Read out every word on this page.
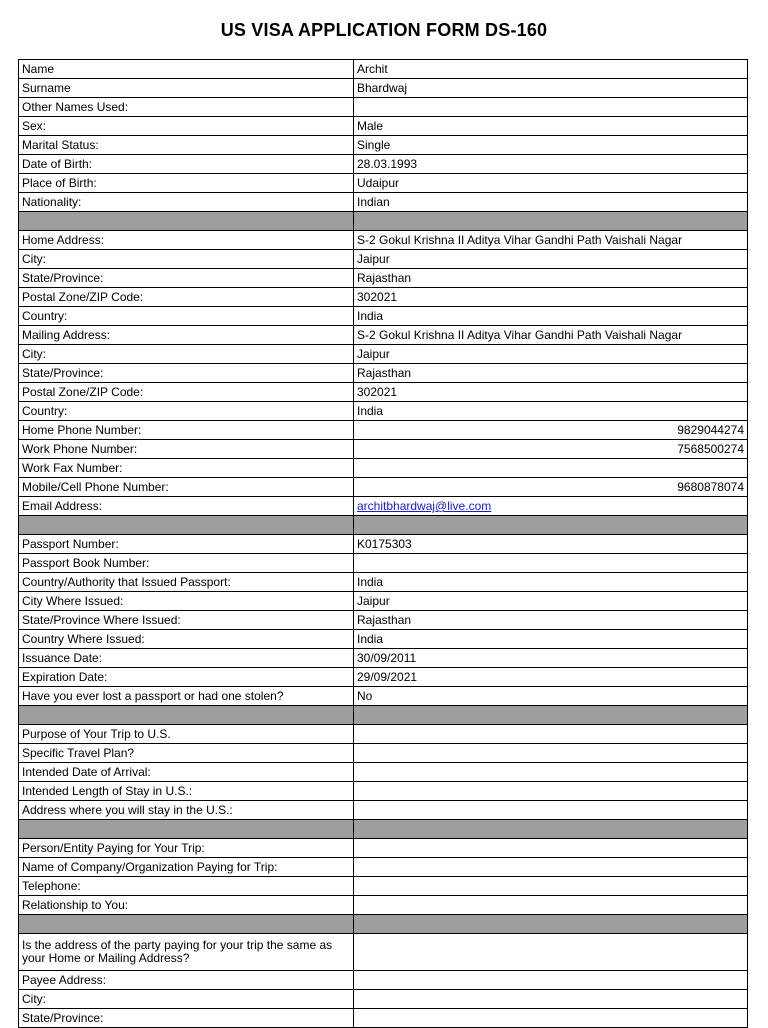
US VISA APPLICATION FORM DS-160
Name	Archit
Surname	Bhardwaj
Other Names Used:	
Sex:	Male
Marital Status:	Single
Date of Birth:	28.03.1993
Place of Birth:	Udaipur
Nationality:	Indian

Home Address:	S-2 Gokul Krishna II Aditya Vihar Gandhi Path Vaishali Nagar
City:	Jaipur
State/Province:	Rajasthan
Postal Zone/ZIP Code:	302021
Country:	India
Mailing Address:	S-2 Gokul Krishna II Aditya Vihar Gandhi Path Vaishali Nagar
City:	Jaipur
State/Province:	Rajasthan
Postal Zone/ZIP Code:	302021
Country:	India
Home Phone Number:	9829044274
Work Phone Number:	7568500274
Work Fax Number:	
Mobile/Cell Phone Number:	9680878074
Email Address:	architbhardwaj@live.com

Passport Number:	K0175303
Passport Book Number:	
Country/Authority that Issued Passport:	India
City Where Issued:	Jaipur
State/Province Where Issued:	Rajasthan
Country Where Issued:	India
Issuance Date:	30/09/2011
Expiration Date:	29/09/2021
Have you ever lost a passport or had one stolen?	No

Purpose of Your Trip to U.S.	
Specific Travel Plan?	
Intended Date of Arrival:	
Intended Length of Stay in U.S.:	
Address where you will stay in the U.S.:	

Person/Entity Paying for Your Trip:	
Name of Company/Organization Paying for Trip:	
Telephone:	
Relationship to You:	

Is the address of the party paying for your trip the same as your Home or Mailing Address?	
Payee Address:	
City:	
State/Province:	
